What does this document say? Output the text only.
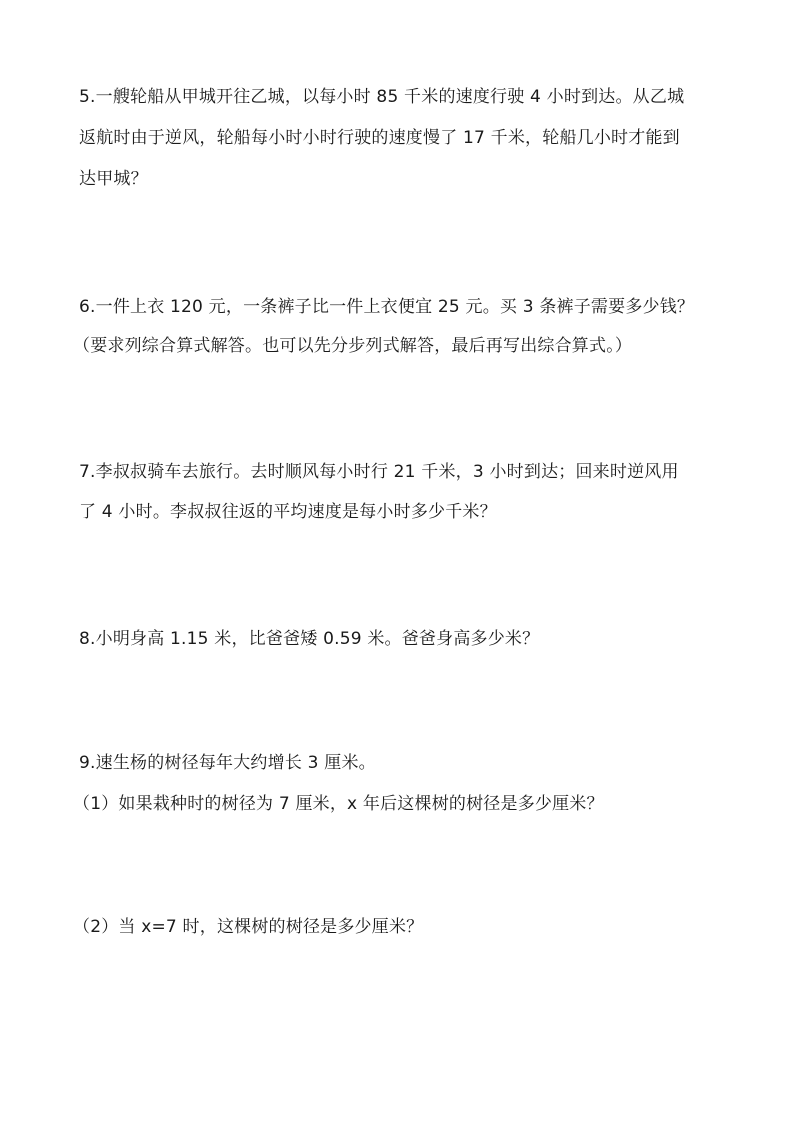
5.一艘轮船从甲城开往乙城，以每小时 85 千米的速度行驶 4 小时到达。从乙城
返航时由于逆风，轮船每小时小时行驶的速度慢了 17 千米，轮船几小时才能到
达甲城？
6.一件上衣 120 元，一条裤子比一件上衣便宜 25 元。买 3 条裤子需要多少钱？
（要求列综合算式解答。也可以先分步列式解答，最后再写出综合算式。）
7.李叔叔骑车去旅行。去时顺风每小时行 21 千米，3 小时到达；回来时逆风用
了 4 小时。李叔叔往返的平均速度是每小时多少千米？
8.小明身高 1.15 米，比爸爸矮 0.59 米。爸爸身高多少米？
9.速生杨的树径每年大约增长 3 厘米。
（1）如果栽种时的树径为 7 厘米，x 年后这棵树的树径是多少厘米？
（2）当 x=7 时，这棵树的树径是多少厘米？
